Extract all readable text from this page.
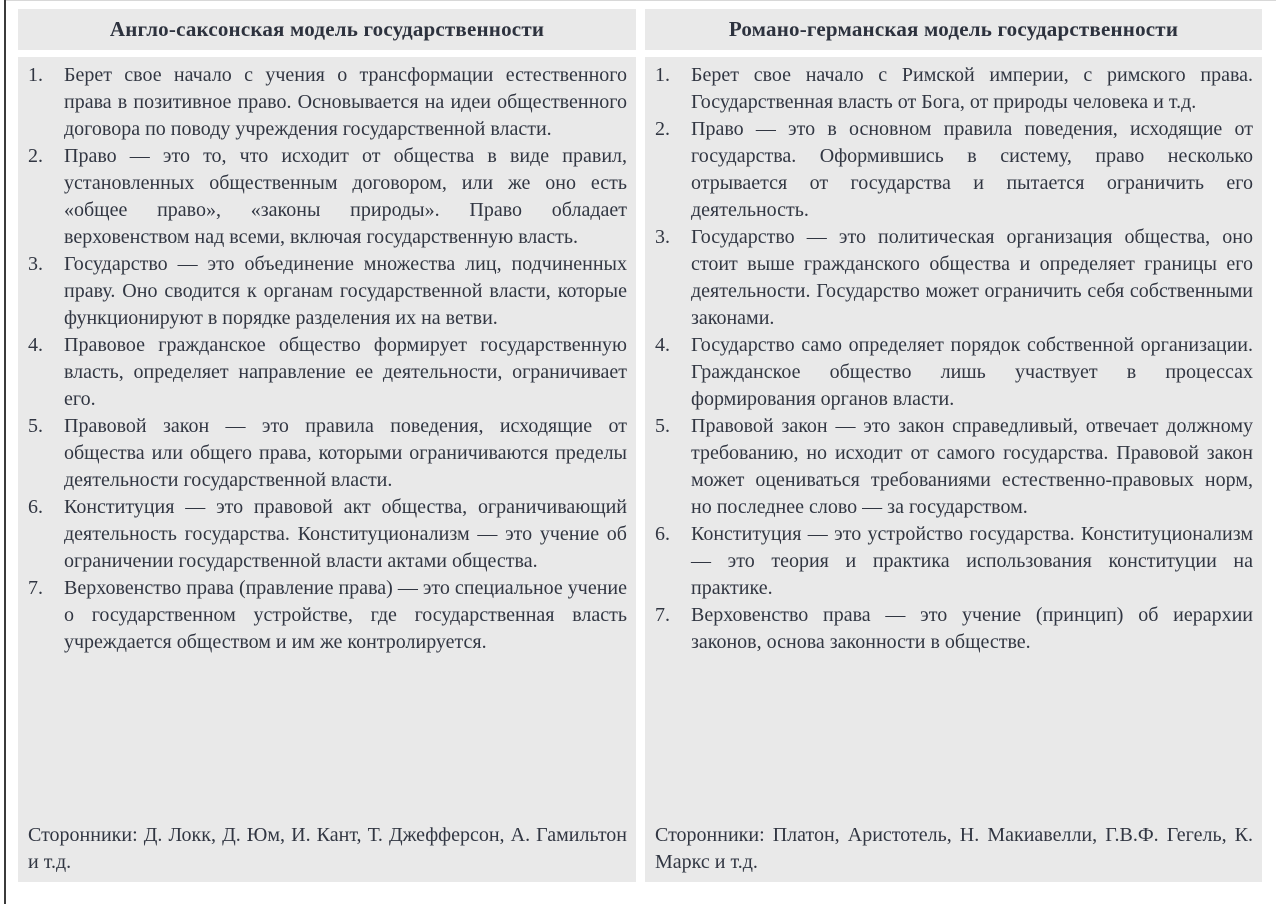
Англо-саксонская модель государственности	Романо-германская модель государственности
Берет свое начало с учения о трансформации естественного права в позитивное право. Основывается на идеи общественного договора по поводу учреждения государственной власти.
Право — это то, что исходит от общества в виде правил, установленных общественным договором, или же оно есть «общее право», «законы природы». Право обладает верховенством над всеми, включая государственную власть.
Государство — это объединение множества лиц, подчиненных праву. Оно сводится к органам государственной власти, которые функционируют в порядке разделения их на ветви.
Правовое гражданское общество формирует государственную власть, определяет направление ее деятельности, ограничивает его.
Правовой закон — это правила поведения, исходящие от общества или общего права, которыми ограничиваются пределы деятельности государственной власти.
Конституция — это правовой акт общества, ограничивающий деятельность государства. Конституционализм — это учение об ограничении государственной власти актами общества.
Верховенство права (правление права) — это специальное учение о государственном устройстве, где государственная власть учреждается обществом и им же контролируется.

Сторонники: Д. Локк, Д. Юм, И. Кант, Т. Джефферсон, А. Гамильтон и т.д.

Берет свое начало с Римской империи, с римского права. Государственная власть от Бога, от природы человека и т.д.
Право — это в основном правила поведения, исходящие от государства. Оформившись в систему, право несколько отрывается от государства и пытается ограничить его деятельность.
Государство — это политическая организация общества, оно стоит выше гражданского общества и определяет границы его деятельности. Государство может ограничить себя собственными законами.
Государство само определяет порядок собственной организации. Гражданское общество лишь участвует в процессах формирования органов власти.
Правовой закон — это закон справедливый, отвечает должному требованию, но исходит от самого государства. Правовой закон может оцениваться требованиями естественно-правовых норм, но последнее слово — за государством.
Конституция — это устройство государства. Конституционализм — это теория и практика использования конституции на практике.
Верховенство права — это учение (принцип) об иерархии законов, основа законности в обществе.

Сторонники: Платон, Аристотель, Н. Макиавелли, Г.В.Ф. Гегель, К. Маркс и т.д.
